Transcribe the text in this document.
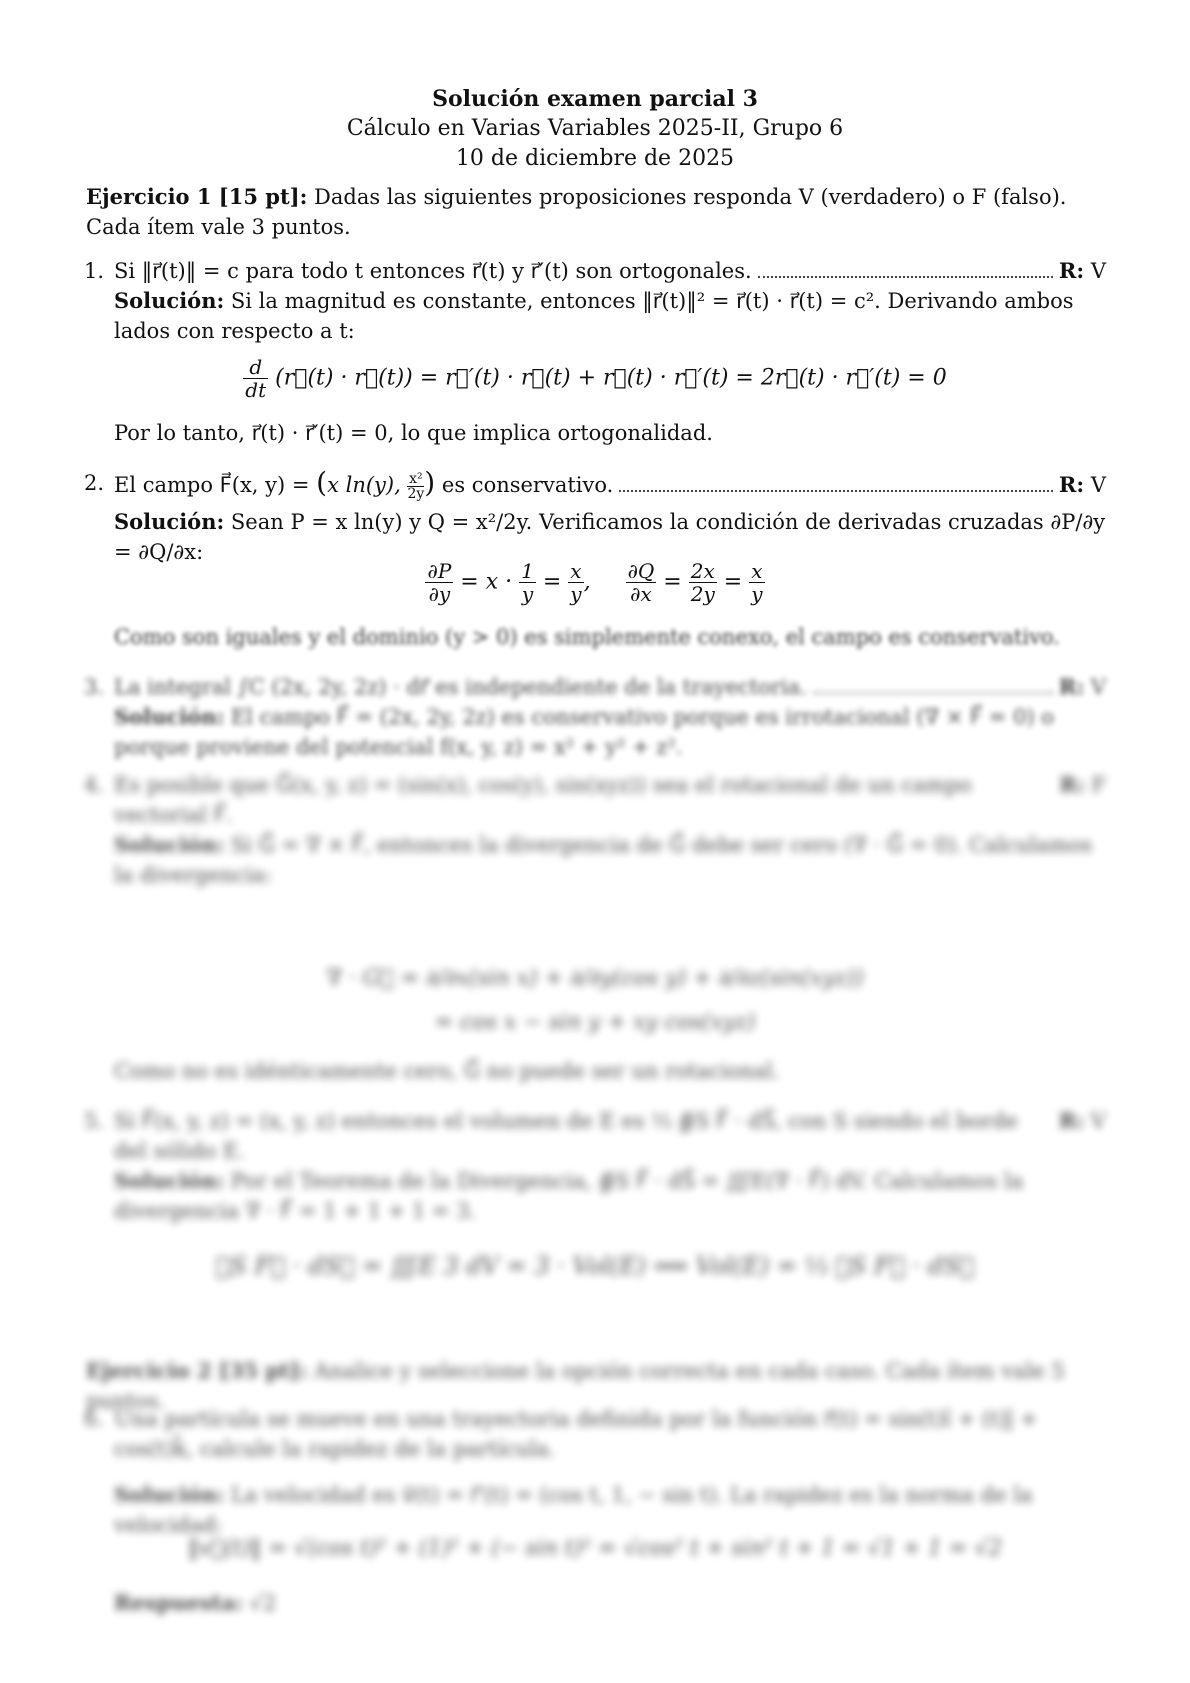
Solución examen parcial 3
Cálculo en Varias Variables 2025-II, Grupo 6
10 de diciembre de 2025
Ejercicio 1 [15 pt]: Dadas las siguientes proposiciones responda V (verdadero) o F (falso). Cada ítem vale 3 puntos.
1. Si ‖r⃗(t)‖ = c para todo t entonces r⃗(t) y r⃗′(t) son ortogonales.	R: V
Solución: Si la magnitud es constante, entonces ‖r⃗(t)‖² = r⃗(t) · r⃗(t) = c². Derivando ambos lados con respecto a t:
$\frac{d}{dt}$ (r⃗(t) · r⃗(t)) = r⃗′(t) · r⃗(t) + r⃗(t) · r⃗′(t) = 2r⃗(t) · r⃗′(t) = 0
Por lo tanto, r⃗(t) · r⃗′(t) = 0, lo que implica ortogonalidad.
2. El campo F⃗(x, y) = (x ln(y), $\frac{\text{x²}}{2y}$) es conservativo.	R: V
Solución: Sean P = x ln(y) y Q = x²/2y. Verificamos la condición de derivadas cruzadas ∂P/∂y = ∂Q/∂x:
$\frac{\partial P}{\partial y} = x \cdot \frac{1}{y} = \frac{x}{y}$ , $\frac{\partial Q}{\partial x} = \frac{2x}{2y} = \frac{x}{y}$
Como son iguales y el dominio (y > 0) es simplemente conexo, el campo es conservativo.
3. La integral ∫C (2x, 2y, 2z) · dr⃗ es independiente de la trayectoria.	R: V
Solución: El campo F⃗ = (2x, 2y, 2z) es conservativo porque es irrotacional (∇ × F⃗ = 0) o porque proviene del potencial f(x, y, z) = x² + y² + z².
4. Es posible que G⃗(x, y, z) = (sin(x), cos(y), sin(xyz)) sea el rotacional de un campo vectorial F⃗.
R: F
Solución: Si G⃗ = ∇ × F⃗, entonces la divergencia de G⃗ debe ser cero (∇ · G⃗ = 0). Calculamos la divergencia:
∇ · G⃗ = ∂/∂x(sin x) + ∂/∂y(cos y) + ∂/∂z(sin(xyz))
= cos x − sin y + xy cos(xyz)
Como no es idénticamente cero, G⃗ no puede ser un rotacional.
5. Si F⃗(x, y, z) = (x, y, z) entonces el volumen de E es ⅓ ∯S F⃗ · dS⃗, con S siendo el borde del sólido E.
R: V
Solución: Por el Teorema de la Divergencia, ∯S F⃗ · dS⃗ = ∭E(∇ · F⃗) dV. Calculamos la divergencia ∇ · F⃗ = 1 + 1 + 1 = 3.
∯S F⃗ · dS⃗ = ∭E 3 dV = 3 · Vol(E) ⟹ Vol(E) = ⅓ ∯S F⃗ · dS⃗
Ejercicio 2 [35 pt]: Analice y seleccione la opción correcta en cada caso. Cada ítem vale 5 puntos.
6. Una partícula se mueve en una trayectoria definida por la función r⃗(t) = sin(t)î + (t)ĵ + cos(t)k̂, calcule la rapidez de la partícula.
Solución: La velocidad es v⃗(t) = r⃗′(t) = (cos t, 1, − sin t). La rapidez es la norma de la velocidad:
‖v⃗(t)‖ = √(cos t)² + (1)² + (− sin t)² = √cos² t + sin² t + 1 = √1 + 1 = √2
Respuesta: √2
